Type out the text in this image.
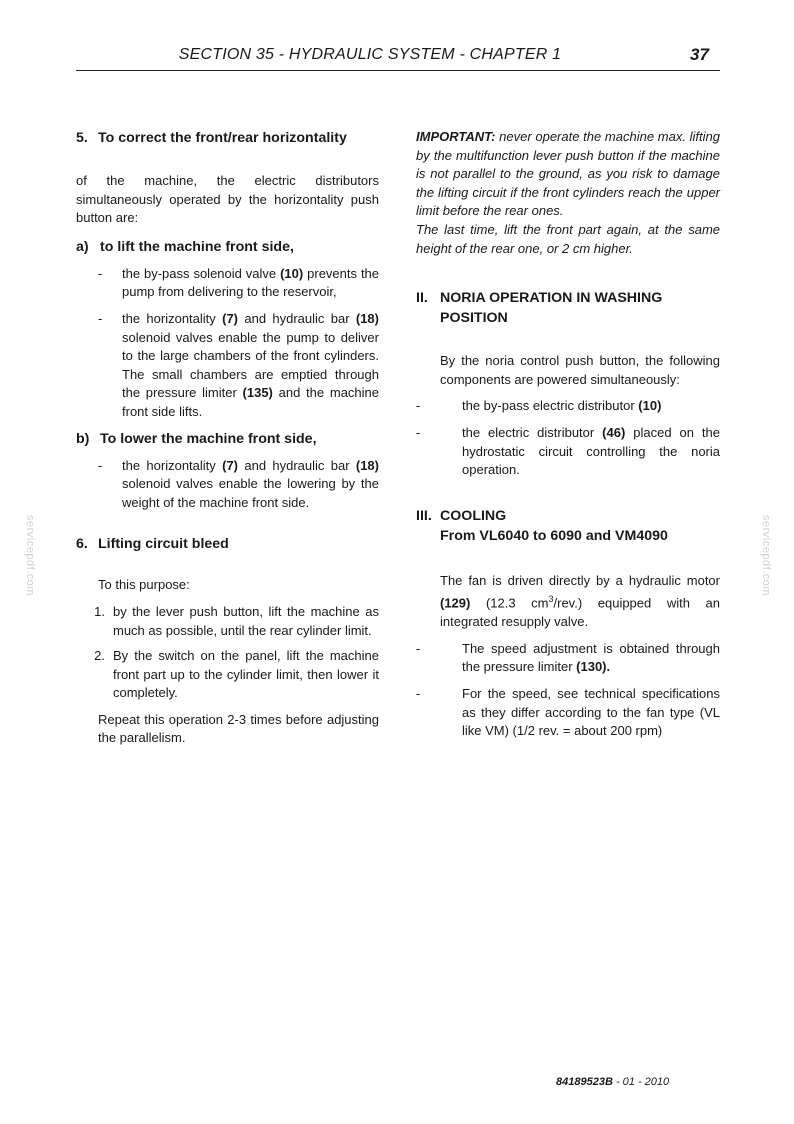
SECTION 35 - HYDRAULIC SYSTEM - CHAPTER 1	37
servicepdf.com	servicepdf.com
5. To correct the front/rear horizontality

of the machine, the electric distributors simultaneously operated by the horizontality push button are:

a) to lift the machine front side,
-	the by-pass solenoid valve (10) prevents the pump from delivering to the reservoir,
-	the horizontality (7) and hydraulic bar (18) solenoid valves enable the pump to deliver to the large chambers of the front cylinders. The small chambers are emptied through the pressure limiter (135) and the machine front side lifts.
b) To lower the machine front side,
-	the horizontality (7) and hydraulic bar (18) solenoid valves enable the lowering by the weight of the machine front side.
6. Lifting circuit bleed

To this purpose:

1. by the lever push button, lift the machine as much as possible, until the rear cylinder limit.
2. By the switch on the panel, lift the machine front part up to the cylinder limit, then lower it completely.

Repeat this operation 2-3 times before adjusting the parallelism.

IMPORTANT: never operate the machine max. lifting by the multifunction lever push button if the machine is not parallel to the ground, as you risk to damage the lifting circuit if the front cylinders reach the upper limit before the rear ones.

The last time, lift the front part again, at the same height of the rear one, or 2 cm higher.

II. NORIA OPERATION IN WASHING POSITION

By the noria control push button, the following components are powered simultaneously:

-	the by-pass electric distributor (10)
-	the electric distributor (46) placed on the hydrostatic circuit controlling the noria operation.
III. COOLING
From VL6040 to 6090 and VM4090

The fan is driven directly by a hydraulic motor (129) (12.3 $cm^3/rev$.) equipped with an integrated resupply valve.

-	The speed adjustment is obtained through the pressure limiter (130).
-	For the speed, see technical specifications as they differ according to the fan type (VL like VM) (1/2 rev. = about 200 rpm)
84189523B - 01 - 2010
